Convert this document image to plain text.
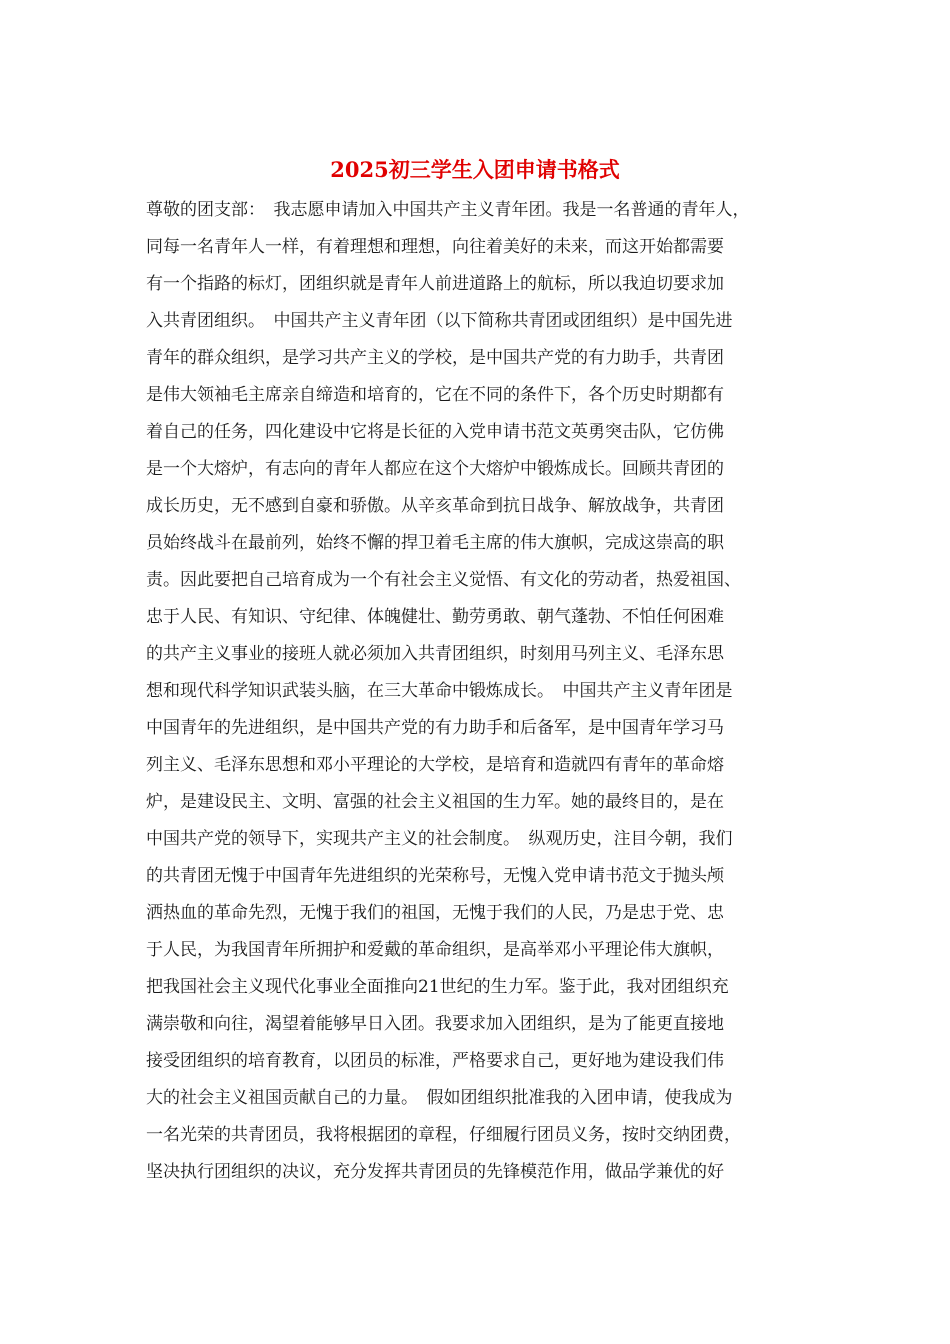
2025初三学生入团申请书格式
尊敬的团支部：　我志愿申请加入中国共产主义青年团。我是一名普通的青年人，
同每一名青年人一样，有着理想和理想，向往着美好的未来，而这开始都需要
有一个指路的标灯，团组织就是青年人前进道路上的航标，所以我迫切要求加
入共青团组织。　中国共产主义青年团（以下简称共青团或团组织）是中国先进
青年的群众组织，是学习共产主义的学校，是中国共产党的有力助手，共青团
是伟大领袖毛主席亲自缔造和培育的，它在不同的条件下，各个历史时期都有
着自己的任务，四化建设中它将是长征的入党申请书范文英勇突击队，它仿佛
是一个大熔炉，有志向的青年人都应在这个大熔炉中锻炼成长。回顾共青团的
成长历史，无不感到自豪和骄傲。从辛亥革命到抗日战争、解放战争，共青团
员始终战斗在最前列，始终不懈的捍卫着毛主席的伟大旗帜，完成这崇高的职
责。因此要把自己培育成为一个有社会主义觉悟、有文化的劳动者，热爱祖国、
忠于人民、有知识、守纪律、体魄健壮、勤劳勇敢、朝气蓬勃、不怕任何困难
的共产主义事业的接班人就必须加入共青团组织，时刻用马列主义、毛泽东思
想和现代科学知识武装头脑，在三大革命中锻炼成长。　中国共产主义青年团是
中国青年的先进组织，是中国共产党的有力助手和后备军，是中国青年学习马
列主义、毛泽东思想和邓小平理论的大学校，是培育和造就四有青年的革命熔
炉，是建设民主、文明、富强的社会主义祖国的生力军。她的最终目的，是在
中国共产党的领导下，实现共产主义的社会制度。　纵观历史，注目今朝，我们
的共青团无愧于中国青年先进组织的光荣称号，无愧入党申请书范文于抛头颅
洒热血的革命先烈，无愧于我们的祖国，无愧于我们的人民，乃是忠于党、忠
于人民，为我国青年所拥护和爱戴的革命组织，是高举邓小平理论伟大旗帜，
把我国社会主义现代化事业全面推向21世纪的生力军。鉴于此，我对团组织充
满崇敬和向往，渴望着能够早日入团。我要求加入团组织，是为了能更直接地
接受团组织的培育教育，以团员的标准，严格要求自己，更好地为建设我们伟
大的社会主义祖国贡献自己的力量。　假如团组织批准我的入团申请，使我成为
一名光荣的共青团员，我将根据团的章程，仔细履行团员义务，按时交纳团费，
坚决执行团组织的决议，充分发挥共青团员的先锋模范作用，做品学兼优的好
